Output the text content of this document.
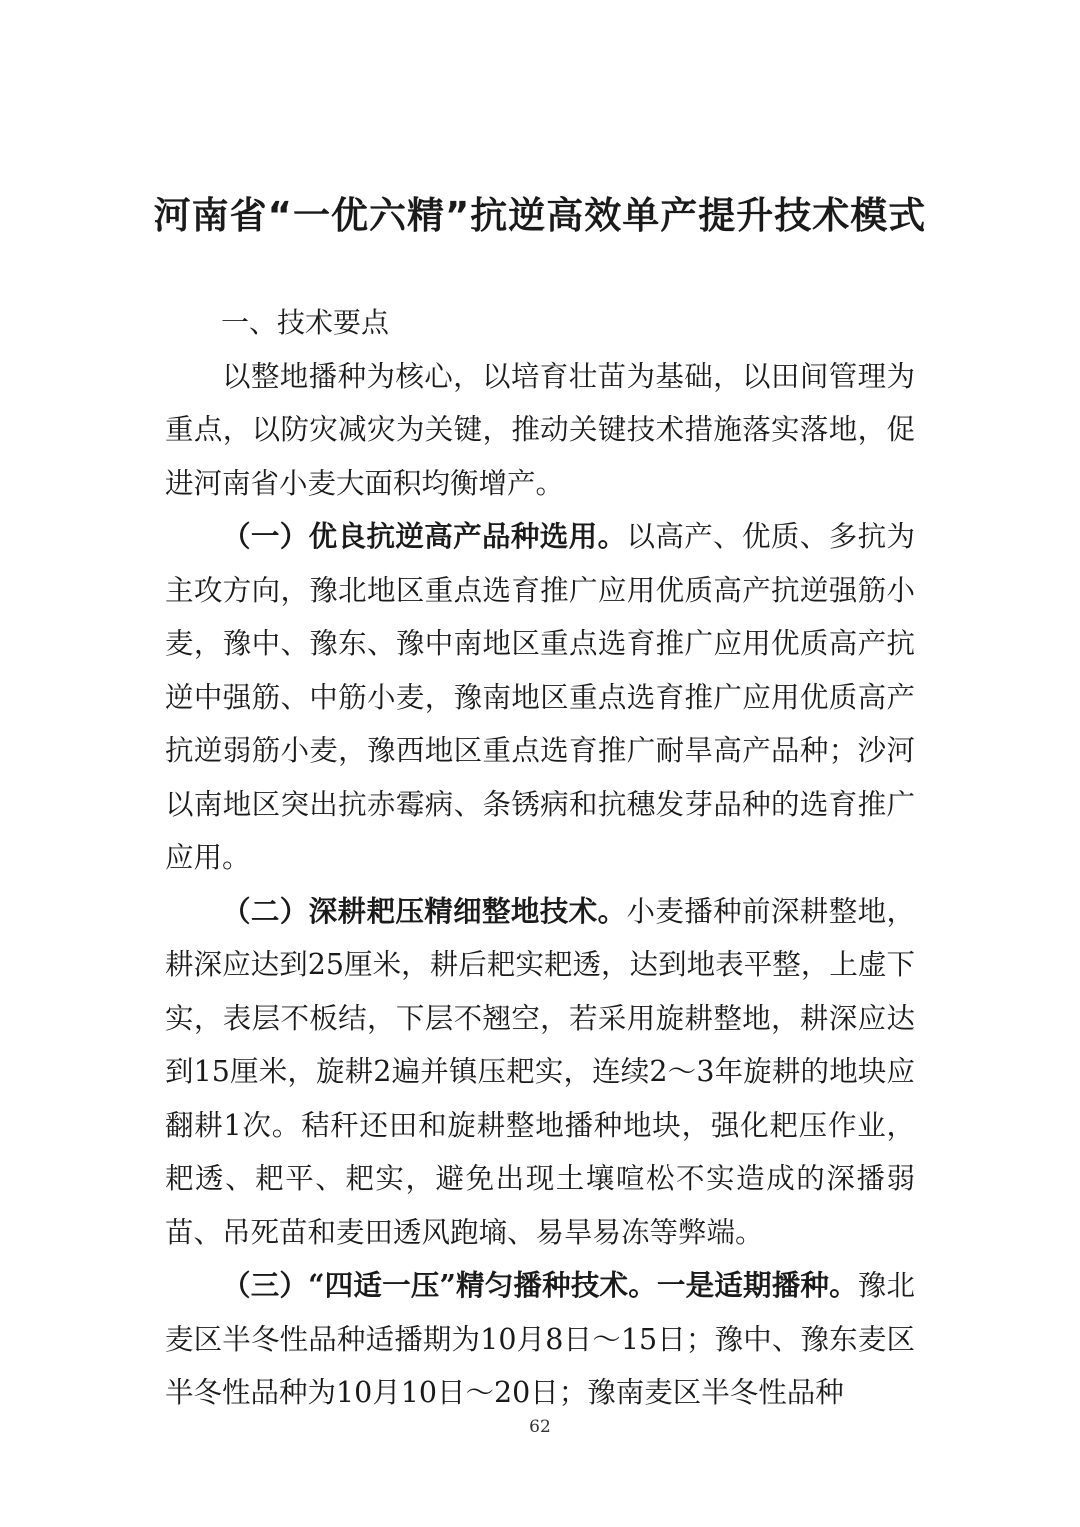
河南省“一优六精”抗逆高效单产提升技术模式

一、技术要点

以整地播种为核心，以培育壮苗为基础，以田间管理为重点，以防灾减灾为关键，推动关键技术措施落实落地，促进河南省小麦大面积均衡增产。

（一）优良抗逆高产品种选用。以高产、优质、多抗为主攻方向，豫北地区重点选育推广应用优质高产抗逆强筋小麦，豫中、豫东、豫中南地区重点选育推广应用优质高产抗逆中强筋、中筋小麦，豫南地区重点选育推广应用优质高产抗逆弱筋小麦，豫西地区重点选育推广耐旱高产品种；沙河以南地区突出抗赤霉病、条锈病和抗穗发芽品种的选育推广应用。

（二）深耕耙压精细整地技术。小麦播种前深耕整地，耕深应达到25厘米，耕后耙实耙透，达到地表平整，上虚下实，表层不板结，下层不翘空，若采用旋耕整地，耕深应达到15厘米，旋耕2遍并镇压耙实，连续2～3年旋耕的地块应翻耕1次。秸秆还田和旋耕整地播种地块，强化耙压作业，耙透、耙平、耙实，避免出现土壤喧松不实造成的深播弱苗、吊死苗和麦田透风跑墒、易旱易冻等弊端。

（三）“四适一压”精匀播种技术。一是适期播种。豫北麦区半冬性品种适播期为10月8日～15日；豫中、豫东麦区半冬性品种为10月10日～20日；豫南麦区半冬性品种

62
